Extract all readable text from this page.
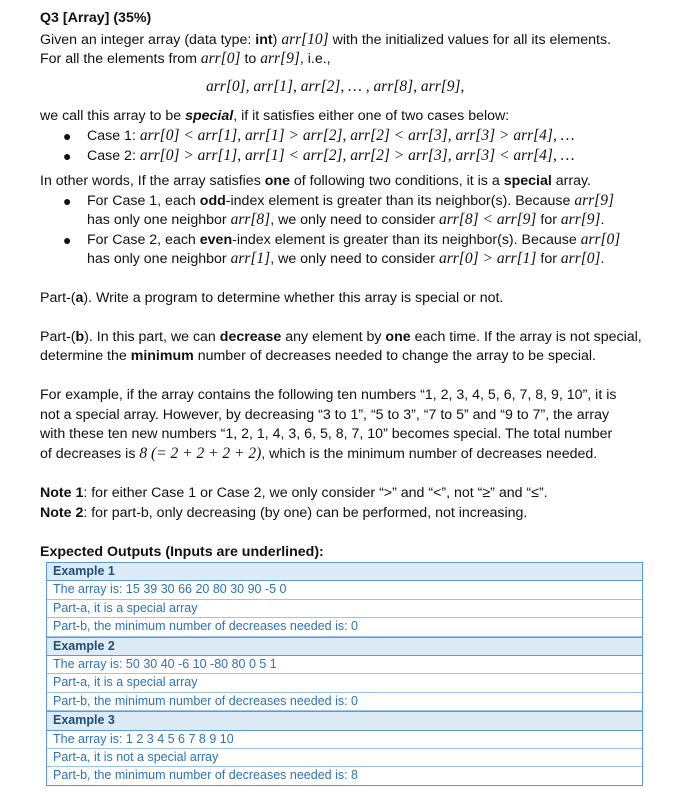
Q3 [Array] (35%)
Given an integer array (data type: int) arr[10] with the initialized values for all its elements.
For all the elements from arr[0] to arr[9], i.e.,
arr[0], arr[1], arr[2], … , arr[8], arr[9],
we call this array to be special, if it satisfies either one of two cases below:
● Case 1: arr[0] < arr[1], arr[1] > arr[2], arr[2] < arr[3], arr[3] > arr[4], …
● Case 2: arr[0] > arr[1], arr[1] < arr[2], arr[2] > arr[3], arr[3] < arr[4], …
In other words, If the array satisfies one of following two conditions, it is a special array.
● For Case 1, each odd-index element is greater than its neighbor(s). Because arr[9]
has only one neighbor arr[8], we only need to consider arr[8] < arr[9] for arr[9].
● For Case 2, each even-index element is greater than its neighbor(s). Because arr[0]
has only one neighbor arr[1], we only need to consider arr[0] > arr[1] for arr[0].
Part-(a). Write a program to determine whether this array is special or not.
Part-(b). In this part, we can decrease any element by one each time. If the array is not special,
determine the minimum number of decreases needed to change the array to be special.
For example, if the array contains the following ten numbers “1, 2, 3, 4, 5, 6, 7, 8, 9, 10”, it is
not a special array. However, by decreasing “3 to 1”, “5 to 3”, “7 to 5” and “9 to 7”, the array
with these ten new numbers “1, 2, 1, 4, 3, 6, 5, 8, 7, 10” becomes special. The total number
of decreases is 8 (= 2 + 2 + 2 + 2), which is the minimum number of decreases needed.
Note 1: for either Case 1 or Case 2, we only consider “>” and “<”, not “≥” and “≤”.
Note 2: for part-b, only decreasing (by one) can be performed, not increasing.
Expected Outputs (Inputs are underlined):
Example 1
The array is: 15 39 30 66 20 80 30 90 -5 0
Part-a, it is a special array
Part-b, the minimum number of decreases needed is: 0
Example 2
The array is: 50 30 40 -6 10 -80 80 0 5 1
Part-a, it is a special array
Part-b, the minimum number of decreases needed is: 0
Example 3
The array is: 1 2 3 4 5 6 7 8 9 10
Part-a, it is not a special array
Part-b, the minimum number of decreases needed is: 8
